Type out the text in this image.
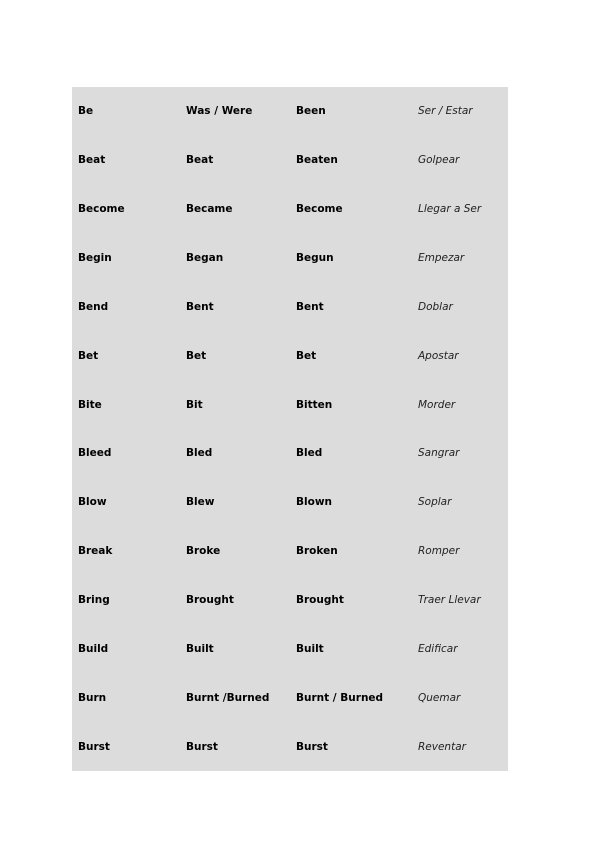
Be	Was / Were	Been	Ser / Estar
Beat	Beat	Beaten	Golpear
Become	Became	Become	Llegar a Ser
Begin	Began	Begun	Empezar
Bend	Bent	Bent	Doblar
Bet	Bet	Bet	Apostar
Bite	Bit	Bitten	Morder
Bleed	Bled	Bled	Sangrar
Blow	Blew	Blown	Soplar
Break	Broke	Broken	Romper
Bring	Brought	Brought	Traer Llevar
Build	Built	Built	Edificar
Burn	Burnt /Burned	Burnt / Burned	Quemar
Burst	Burst	Burst	Reventar
